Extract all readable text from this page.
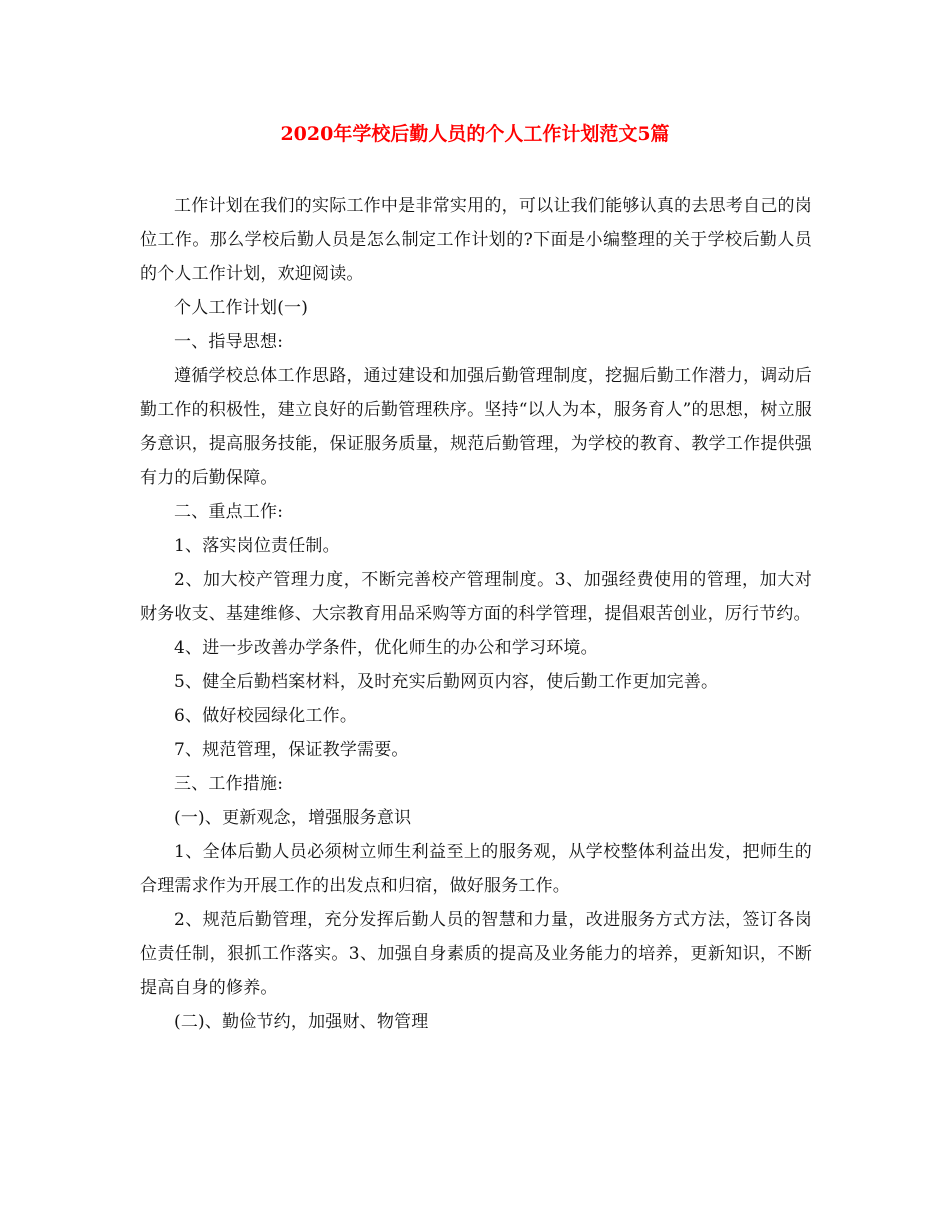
2020年学校后勤人员的个人工作计划范文5篇

工作计划在我们的实际工作中是非常实用的，可以让我们能够认真的去思考自己的岗位工作。那么学校后勤人员是怎么制定工作计划的?下面是小编整理的关于学校后勤人员的个人工作计划，欢迎阅读。

个人工作计划(一)

一、指导思想:

遵循学校总体工作思路，通过建设和加强后勤管理制度，挖掘后勤工作潜力，调动后勤工作的积极性，建立良好的后勤管理秩序。坚持“以人为本，服务育人”的思想，树立服务意识，提高服务技能，保证服务质量，规范后勤管理，为学校的教育、教学工作提供强有力的后勤保障。

二、重点工作:

1、落实岗位责任制。

2、加大校产管理力度，不断完善校产管理制度。3、加强经费使用的管理，加大对财务收支、基建维修、大宗教育用品采购等方面的科学管理，提倡艰苦创业，厉行节约。

4、进一步改善办学条件，优化师生的办公和学习环境。

5、健全后勤档案材料，及时充实后勤网页内容，使后勤工作更加完善。

6、做好校园绿化工作。

7、规范管理，保证教学需要。

三、工作措施:

(一)、更新观念，增强服务意识

1、全体后勤人员必须树立师生利益至上的服务观，从学校整体利益出发，把师生的合理需求作为开展工作的出发点和归宿，做好服务工作。

2、规范后勤管理，充分发挥后勤人员的智慧和力量，改进服务方式方法，签订各岗位责任制，狠抓工作落实。3、加强自身素质的提高及业务能力的培养，更新知识，不断提高自身的修养。

(二)、勤俭节约，加强财、物管理
